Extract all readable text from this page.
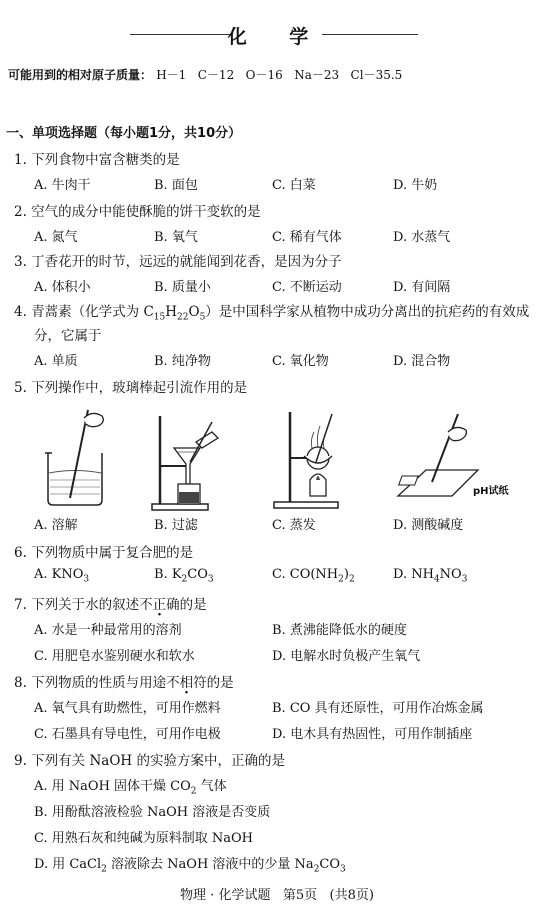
化 学
可能用到的相对原子质量： H－1   C－12   O－16   Na－23   Cl－35.5
一、单项选择题（每小题1分，共10分）
1. 下列食物中富含糖类的是
A. 牛肉干	B. 面包	C. 白菜	D. 牛奶
2. 空气的成分中能使酥脆的饼干变软的是
A. 氮气	B. 氧气	C. 稀有气体	D. 水蒸气
3. 丁香花开的时节，远远的就能闻到花香，是因为分子
A. 体积小	B. 质量小	C. 不断运动	D. 有间隔
4. 青蒿素（化学式为 $C_{15}H_{22}O_5$）是中国科学家从植物中成功分离出的抗疟药的有效成
分，它属于
A. 单质	B. 纯净物	C. 氧化物	D. 混合物
5. 下列操作中，玻璃棒起引流作用的是
pH试纸
A. 溶解	B. 过滤	C. 蒸发	D. 测酸碱度
6. 下列物质中属于复合肥的是
A. $KNO_3$	B. $K_2CO_3$	C. $CO(NH_2)_2$	D. $NH_4NO_3$
7. 下列关于水的叙述不正确的是
A. 水是一种最常用的溶剂	B. 煮沸能降低水的硬度
C. 用肥皂水鉴别硬水和软水	D. 电解水时负极产生氧气
8. 下列物质的性质与用途不相符的是
A. 氧气具有助燃性，可用作燃料	B. CO 具有还原性，可用作冶炼金属
C. 石墨具有导电性，可用作电极	D. 电木具有热固性，可用作制插座
9. 下列有关 NaOH 的实验方案中，正确的是
A. 用 NaOH 固体干燥 $CO_2$ 气体
B. 用酚酞溶液检验 NaOH 溶液是否变质
C. 用熟石灰和纯碱为原料制取 NaOH
D. 用 CaCl$_2$ 溶液除去 NaOH 溶液中的少量 $Na_2CO_3$
物理 · 化学试题   第5页   (共8页)
